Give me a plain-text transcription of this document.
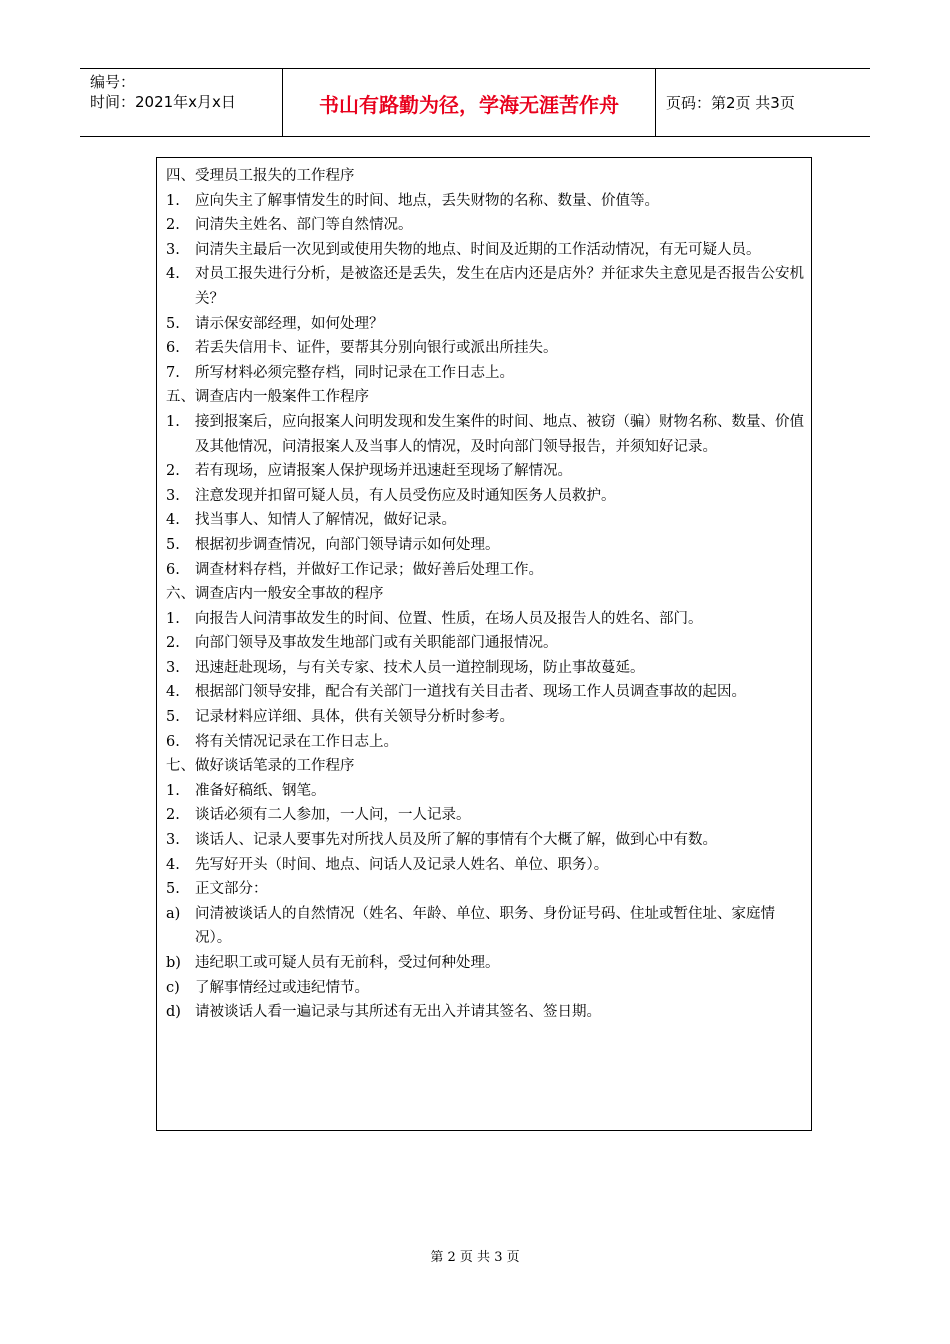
编号：
时间：2021年x月x日	书山有路勤为径，学海无涯苦作舟	页码：第2页 共3页
四、受理员工报失的工作程序
1.	应向失主了解事情发生的时间、地点，丢失财物的名称、数量、价值等。
2.	问清失主姓名、部门等自然情况。
3.	问清失主最后一次见到或使用失物的地点、时间及近期的工作活动情况，有无可疑人员。
4.	对员工报失进行分析，是被盗还是丢失，发生在店内还是店外？并征求失主意见是否报告公安机关？
5.	请示保安部经理，如何处理？
6.	若丢失信用卡、证件，要帮其分别向银行或派出所挂失。
7.	所写材料必须完整存档，同时记录在工作日志上。
五、调查店内一般案件工作程序
1.	接到报案后，应向报案人问明发现和发生案件的时间、地点、被窃（骗）财物名称、数量、价值及其他情况，问清报案人及当事人的情况，及时向部门领导报告，并须知好记录。
2.	若有现场，应请报案人保护现场并迅速赶至现场了解情况。
3.	注意发现并扣留可疑人员，有人员受伤应及时通知医务人员救护。
4.	找当事人、知情人了解情况，做好记录。
5.	根据初步调查情况，向部门领导请示如何处理。
6.	调查材料存档，并做好工作记录；做好善后处理工作。
六、调查店内一般安全事故的程序
1.	向报告人问清事故发生的时间、位置、性质，在场人员及报告人的姓名、部门。
2.	向部门领导及事故发生地部门或有关职能部门通报情况。
3.	迅速赶赴现场，与有关专家、技术人员一道控制现场，防止事故蔓延。
4.	根据部门领导安排，配合有关部门一道找有关目击者、现场工作人员调查事故的起因。
5.	记录材料应详细、具体，供有关领导分析时参考。
6.	将有关情况记录在工作日志上。
七、做好谈话笔录的工作程序
1.	准备好稿纸、钢笔。
2.	谈话必须有二人参加，一人问，一人记录。
3.	谈话人、记录人要事先对所找人员及所了解的事情有个大概了解，做到心中有数。
4.	先写好开头（时间、地点、问话人及记录人姓名、单位、职务）。
5.	正文部分：
a)	问清被谈话人的自然情况（姓名、年龄、单位、职务、身份证号码、住址或暂住址、家庭情况）。
b) 违纪职工或可疑人员有无前科，受过何种处理。
c)	了解事情经过或违纪情节。
d) 请被谈话人看一遍记录与其所述有无出入并请其签名、签日期。
第 2 页 共 3 页
